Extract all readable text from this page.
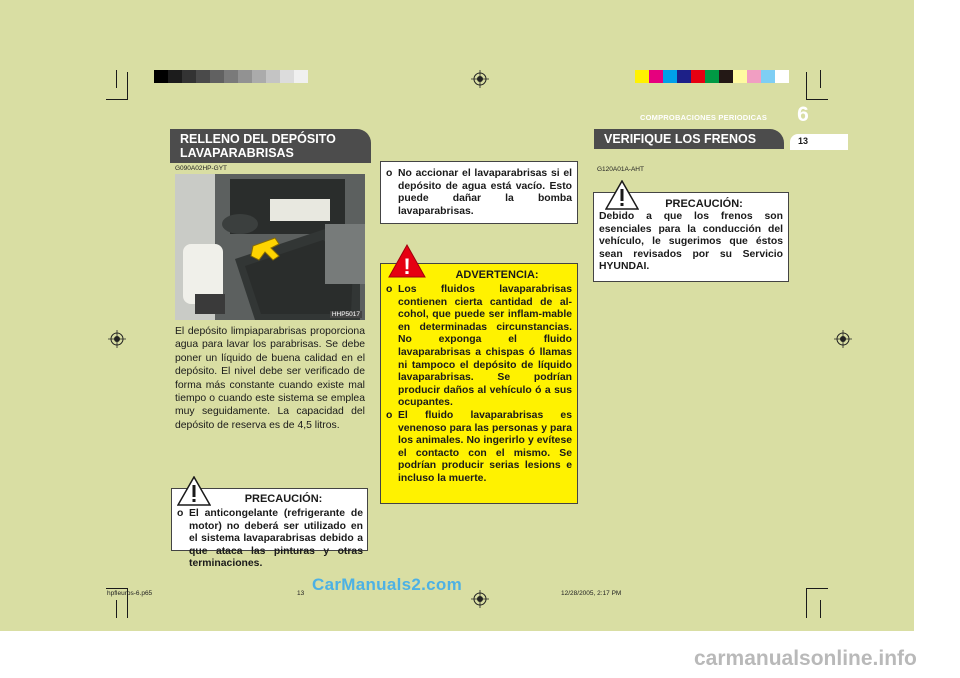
COMPROBACIONES PERIODICAS 6
13
RELLENO DEL DEPÓSITO
LAVAPARABRISAS
VERIFIQUE LOS FRENOS
G090A02HP-GYT
HHP5017
El depósito limpiaparabrisas proporciona agua para lavar los parabrisas. Se debe poner un líquido de buena calidad en el depósito. El nivel debe ser verificado de forma más constante cuando existe mal tiempo o cuando este sistema se emplea muy seguidamente. La capacidad del depósito de reserva es de 4,5 litros.
PRECAUCIÓN:
o El anticongelante (refrigerante de motor) no deberá ser utilizado en el sistema lavaparabrisas debido a que ataca las pinturas y otras terminaciones.
o No accionar el lavaparabrisas si el depósito de agua está vacío. Esto puede dañar la bomba lavaparabrisas.
ADVERTENCIA:
o Los fluidos lavaparabrisas contienen cierta cantidad de al-cohol, que puede ser inflam-mable en determinadas circunstancias. No exponga el fluido lavaparabrisas a chispas ó llamas ni tampoco el depósito de líquido lavaparabrisas. Se podrían producir daños al vehículo ó a sus ocupantes.
o El fluido lavaparabrisas es venenoso para las personas y para los animales. No ingerirlo y evítese el contacto con el mismo. Se podrían producir serias lesions e incluso la muerte.
!
G120A01A-AHT
PRECAUCIÓN:
Debido a que los frenos son esenciales para la conducción del vehículo, le sugerimos que éstos sean revisados por su Servicio HYUNDAI.
hpfleuros-6.p65	13	12/28/2005, 2:17 PM
CarManuals2.com
carmanualsonline.info
